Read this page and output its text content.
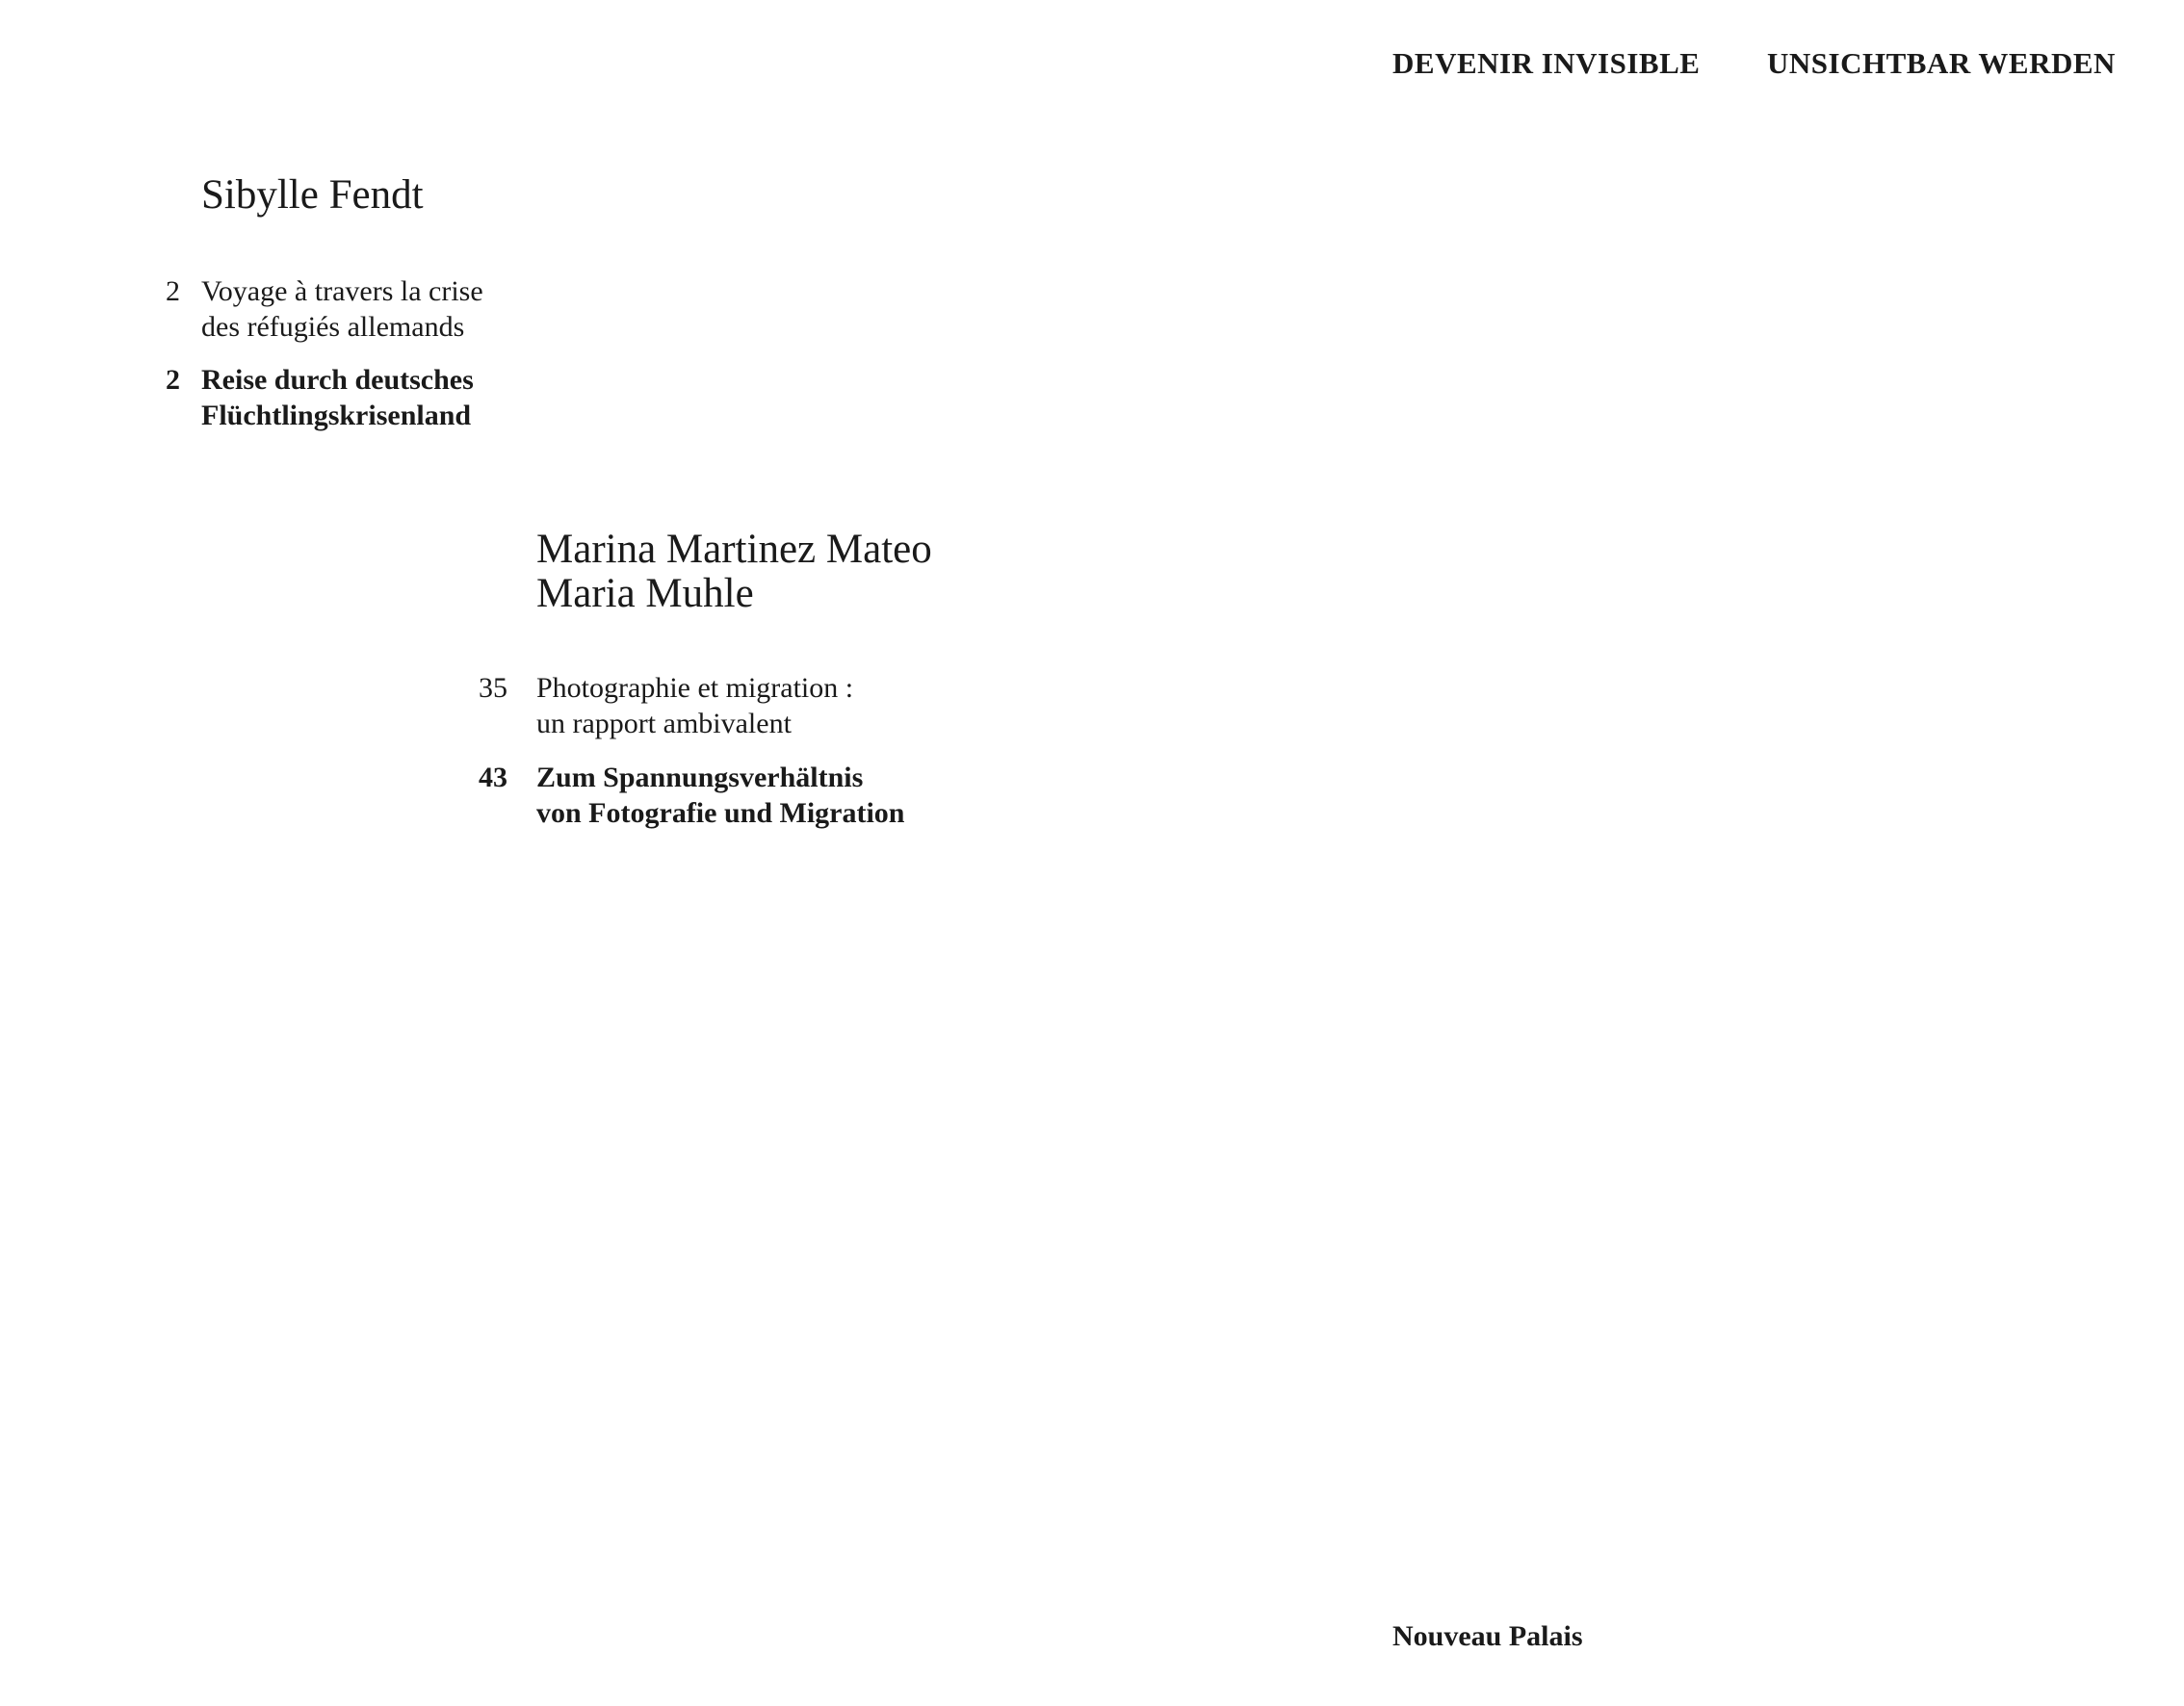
DEVENIR INVISIBLE UNSICHTBAR WERDEN
Sibylle Fendt
2 Voyage à travers la crise
des réfugiés allemands
2 Reise durch deutsches
Flüchtlingskrisenland
Marina Martinez Mateo
Maria Muhle
35 Photographie et migration :
un rapport ambivalent
43 Zum Spannungsverhältnis
von Fotografie und Migration
Nouveau Palais
